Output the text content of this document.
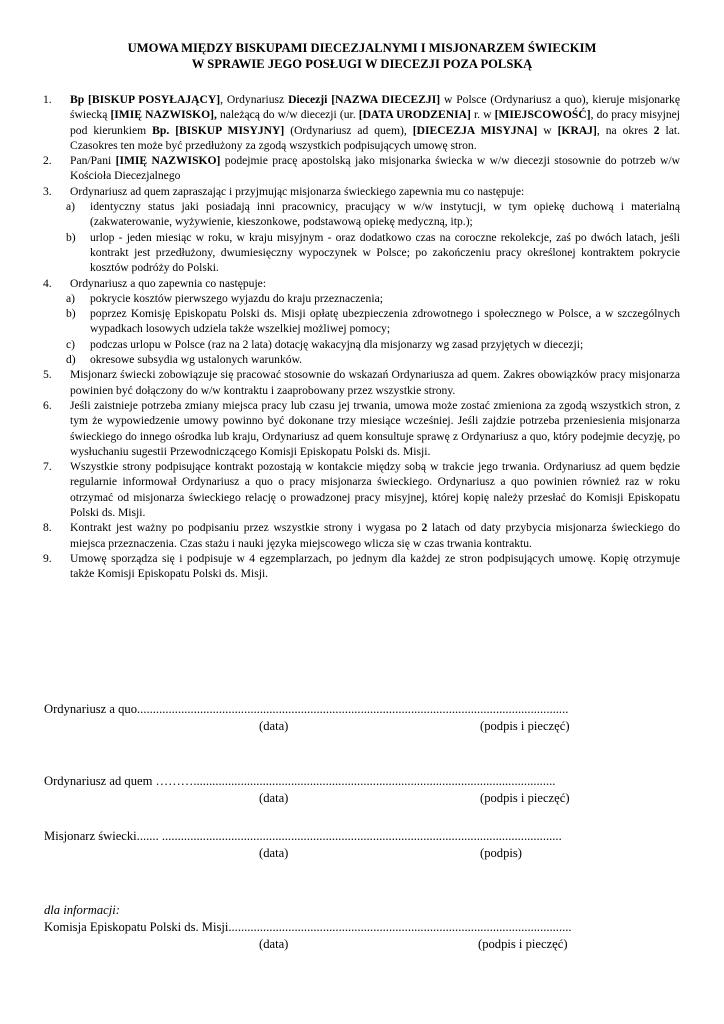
UMOWA MIĘDZY BISKUPAMI DIECEZJALNYMI I MISJONARZEM ŚWIECKIM
W SPRAWIE JEGO POSŁUGI W DIECEZJI POZA POLSKĄ
1. Bp [BISKUP POSYŁAJĄCY], Ordynariusz Diecezji [NAZWA DIECEZJI] w Polsce (Ordynariusz a quo), kieruje misjonarkę świecką [IMIĘ NAZWISKO], należącą do w/w diecezji (ur. [DATA URODZENIA] r. w [MIEJSCOWOŚĆ], do pracy misyjnej pod kierunkiem Bp. [BISKUP MISYJNY] (Ordynariusz ad quem), [DIECEZJA MISYJNA] w [KRAJ], na okres 2 lat. Czasokres ten może być przedłużony za zgodą wszystkich podpisujących umowę stron.
2. Pan/Pani [IMIĘ NAZWISKO] podejmie pracę apostolską jako misjonarka świecka w w/w diecezji stosownie do potrzeb w/w Kościoła Diecezjalnego
3. Ordynariusz ad quem zapraszając i przyjmując misjonarza świeckiego zapewnia mu co następuje:
a) identyczny status jaki posiadają inni pracownicy, pracujący w w/w instytucji, w tym opiekę duchową i materialną (zakwaterowanie, wyżywienie, kieszonkowe, podstawową opiekę medyczną, itp.);
b) urlop - jeden miesiąc w roku, w kraju misyjnym - oraz dodatkowo czas na coroczne rekolekcje, zaś po dwóch latach, jeśli kontrakt jest przedłużony, dwumiesięczny wypoczynek w Polsce; po zakończeniu pracy określonej kontraktem pokrycie kosztów podróży do Polski.
4. Ordynariusz a quo zapewnia co następuje:
a) pokrycie kosztów pierwszego wyjazdu do kraju przeznaczenia;
b) poprzez Komisję Episkopatu Polski ds. Misji opłatę ubezpieczenia zdrowotnego i społecznego w Polsce, a w szczególnych wypadkach losowych udziela także wszelkiej możliwej pomocy;
c) podczas urlopu w Polsce (raz na 2 lata) dotację wakacyjną dla misjonarzy wg zasad przyjętych w diecezji;
d) okresowe subsydia wg ustalonych warunków.
5. Misjonarz świecki zobowiązuje się pracować stosownie do wskazań Ordynariusza ad quem. Zakres obowiązków pracy misjonarza powinien być dołączony do w/w kontraktu i zaaprobowany przez wszystkie strony.
6. Jeśli zaistnieje potrzeba zmiany miejsca pracy lub czasu jej trwania, umowa może zostać zmieniona za zgodą wszystkich stron, z tym że wypowiedzenie umowy powinno być dokonane trzy miesiące wcześniej. Jeśli zajdzie potrzeba przeniesienia misjonarza świeckiego do innego ośrodka lub kraju, Ordynariusz ad quem konsultuje sprawę z Ordynariusz a quo, który podejmie decyzję, po wysłuchaniu sugestii Przewodniczącego Komisji Episkopatu Polski ds. Misji.
7. Wszystkie strony podpisujące kontrakt pozostają w kontakcie między sobą w trakcie jego trwania. Ordynariusz ad quem będzie regularnie informował Ordynariusz a quo o pracy misjonarza świeckiego. Ordynariusz a quo powinien również raz w roku otrzymać od misjonarza świeckiego relację o prowadzonej pracy misyjnej, której kopię należy przesłać do Komisji Episkopatu Polski ds. Misji.
8. Kontrakt jest ważny po podpisaniu przez wszystkie strony i wygasa po 2 latach od daty przybycia misjonarza świeckiego do miejsca przeznaczenia. Czas stażu i nauki języka miejscowego wlicza się w czas trwania kontraktu.
9. Umowę sporządza się i podpisuje w 4 egzemplarzach, po jednym dla każdej ze stron podpisujących umowę. Kopię otrzymuje także Komisji Episkopatu Polski ds. Misji.
Ordynariusz a quo.........................................................................................................................................
(data)	(podpis i pieczęć)
Ordynariusz ad quem ………...................................................................................................................
(data)	(podpis i pieczęć)
Misjonarz świecki....... ...............................................................................................................................
(data)	(podpis)
dla informacji:
Komisja Episkopatu Polski ds. Misji.............................................................................................................
(data)	(podpis i pieczęć)
